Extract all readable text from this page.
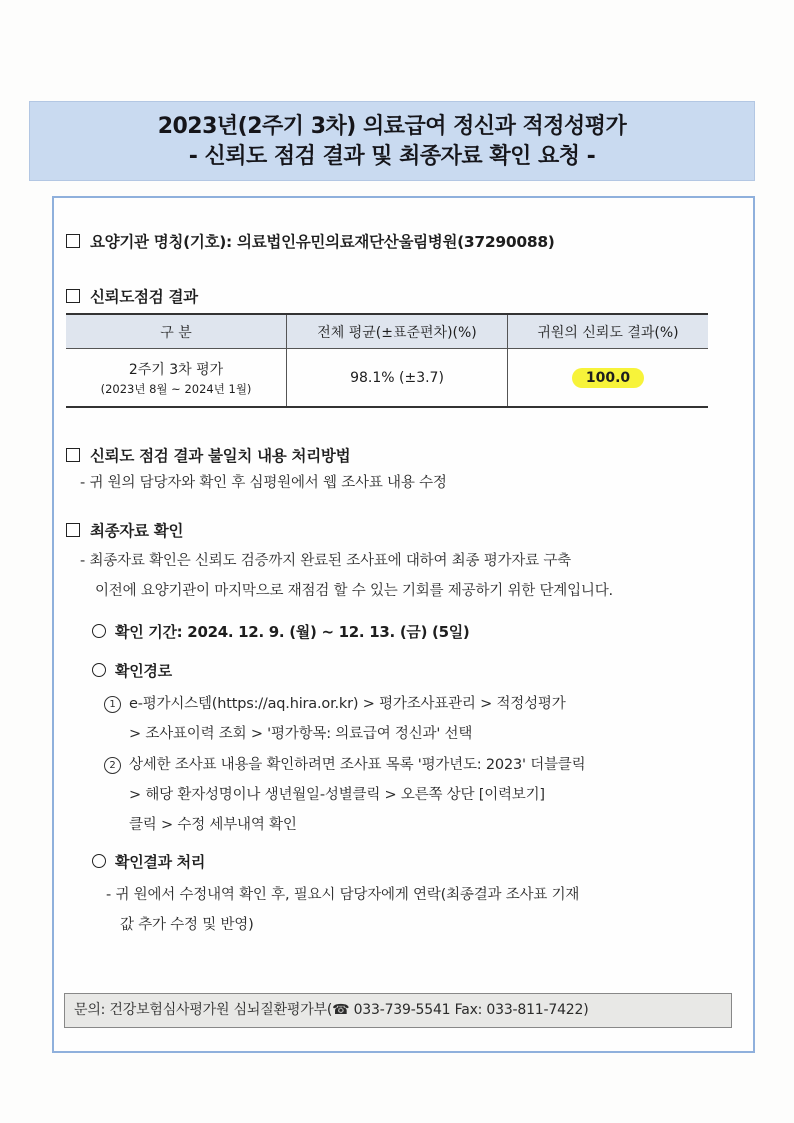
2023년(2주기 3차) 의료급여 정신과 적정성평가
- 신뢰도 점검 결과 및 최종자료 확인 요청 -
요양기관 명칭(기호): 의료법인유민의료재단산울림병원(37290088)
신뢰도점검 결과
구 분	전체 평균(±표준편차)(%)	귀원의 신뢰도 결과(%)
2주기 3차 평가
(2023년 8월 ~ 2024년 1월)	98.1% (±3.7)	100.0
신뢰도 점검 결과 불일치 내용 처리방법
- 귀 원의 담당자와 확인 후 심평원에서 웹 조사표 내용 수정
최종자료 확인
- 최종자료 확인은 신뢰도 검증까지 완료된 조사표에 대하여 최종 평가자료 구축
이전에 요양기관이 마지막으로 재점검 할 수 있는 기회를 제공하기 위한 단계입니다.
확인 기간: 2024. 12. 9. (월) ~ 12. 13. (금) (5일)
확인경로
1 e-평가시스템(https://aq.hira.or.kr) > 평가조사표관리 > 적정성평가
> 조사표이력 조회 > '평가항목: 의료급여 정신과' 선택
2 상세한 조사표 내용을 확인하려면 조사표 목록 '평가년도: 2023' 더블클릭
> 해당 환자성명이나 생년월일-성별클릭 > 오른쪽 상단 [이력보기]
클릭 > 수정 세부내역 확인
확인결과 처리
- 귀 원에서 수정내역 확인 후, 필요시 담당자에게 연락(최종결과 조사표 기재
값 추가 수정 및 반영)
문의: 건강보험심사평가원 심뇌질환평가부(☎ 033-739-5541 Fax: 033-811-7422)
